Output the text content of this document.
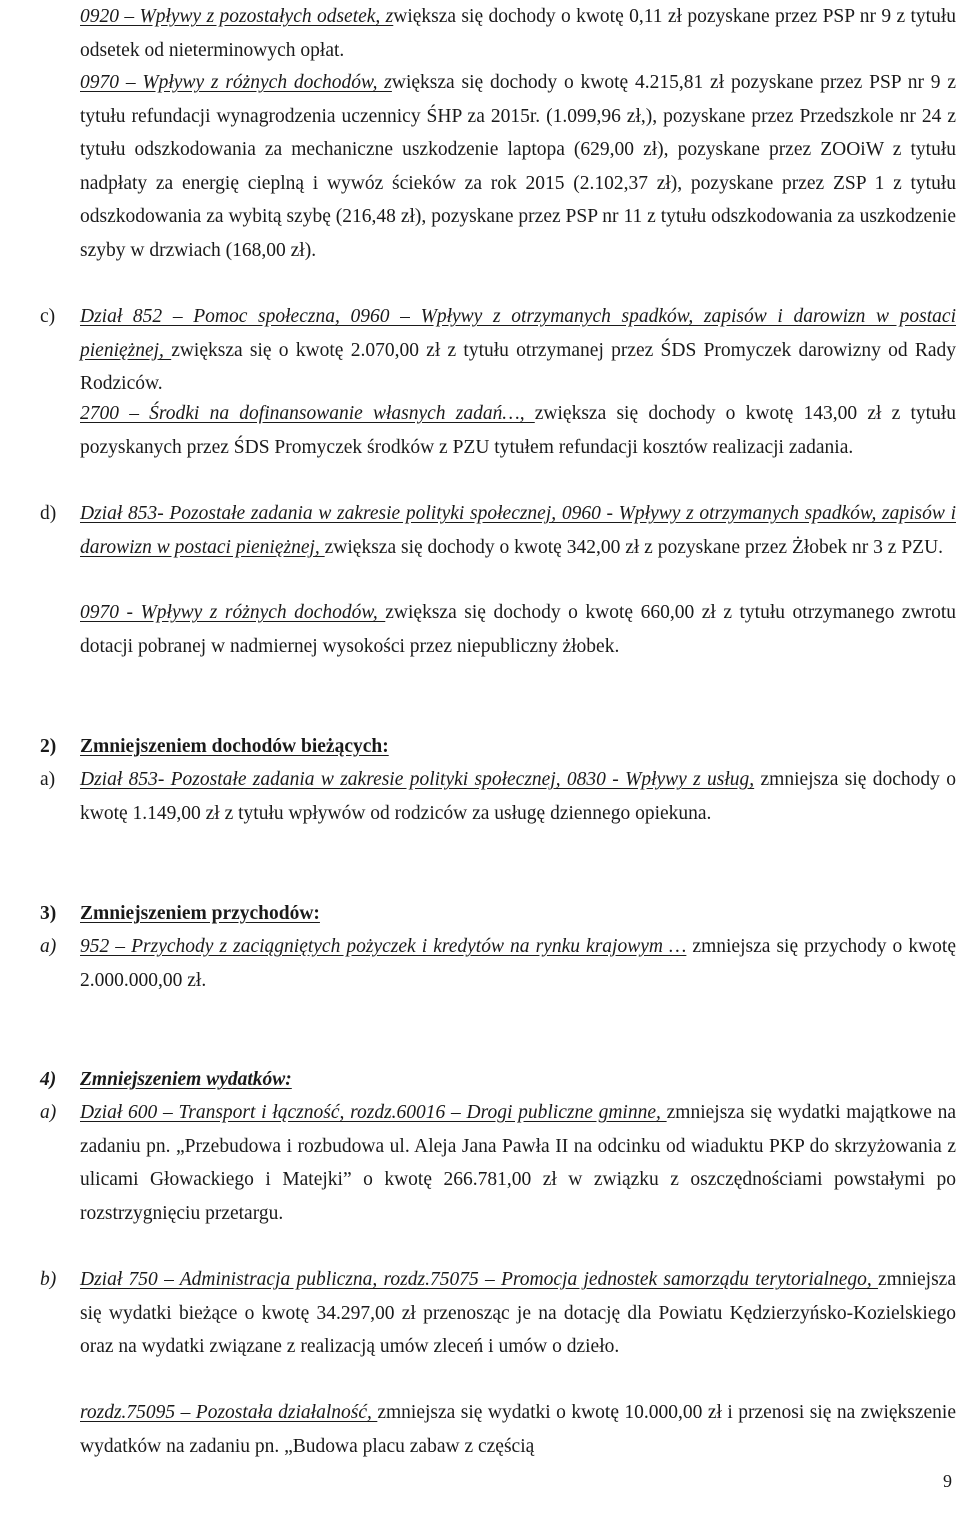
0920 – Wpływy z pozostałych odsetek, zwiększa się dochody o kwotę 0,11 zł pozyskane przez PSP nr 9 z tytułu odsetek od nieterminowych opłat.
0970 – Wpływy z różnych dochodów, zwiększa się dochody o kwotę 4.215,81 zł pozyskane przez PSP nr 9 z tytułu refundacji wynagrodzenia uczennicy ŚHP za 2015r. (1.099,96 zł,), pozyskane przez Przedszkole nr 24 z tytułu odszkodowania za mechaniczne uszkodzenie laptopa (629,00 zł), pozyskane przez ZOOiW z tytułu nadpłaty za energię cieplną i wywóz ścieków za rok 2015 (2.102,37 zł), pozyskane przez ZSP 1 z tytułu odszkodowania za wybitą szybę (216,48 zł), pozyskane przez PSP nr 11 z tytułu odszkodowania za uszkodzenie szyby w drzwiach (168,00 zł).
c) Dział 852 – Pomoc społeczna, 0960 – Wpływy z otrzymanych spadków, zapisów i darowizn w postaci pieniężnej, zwiększa się o kwotę 2.070,00 zł z tytułu otrzymanej przez ŚDS Promyczek darowizny od Rady Rodziców.
2700 – Środki na dofinansowanie własnych zadań…, zwiększa się dochody o kwotę 143,00 zł z tytułu pozyskanych przez ŚDS Promyczek środków z PZU tytułem refundacji kosztów realizacji zadania.
d) Dział 853- Pozostałe zadania w zakresie polityki społecznej, 0960 - Wpływy z otrzymanych spadków, zapisów i darowizn w postaci pieniężnej, zwiększa się dochody o kwotę 342,00 zł z pozyskane przez Żłobek nr 3 z PZU.
0970 - Wpływy z różnych dochodów, zwiększa się dochody o kwotę 660,00 zł z tytułu otrzymanego zwrotu dotacji pobranej w nadmiernej wysokości przez niepubliczny żłobek.
2) Zmniejszeniem dochodów bieżących:
a) Dział 853- Pozostałe zadania w zakresie polityki społecznej, 0830 - Wpływy z usług, zmniejsza się dochody o kwotę 1.149,00 zł z tytułu wpływów od rodziców za usługę dziennego opiekuna.
3) Zmniejszeniem przychodów:
a) 952 – Przychody z zaciągniętych pożyczek i kredytów na rynku krajowym … zmniejsza się przychody o kwotę 2.000.000,00 zł.
4) Zmniejszeniem wydatków:
a) Dział 600 – Transport i łączność, rozdz.60016 – Drogi publiczne gminne, zmniejsza się wydatki majątkowe na zadaniu pn. „Przebudowa i rozbudowa ul. Aleja Jana Pawła II na odcinku od wiaduktu PKP do skrzyżowania z ulicami Głowackiego i Matejki” o kwotę 266.781,00 zł w związku z oszczędnościami powstałymi po rozstrzygnięciu przetargu.
b) Dział 750 – Administracja publiczna, rozdz.75075 – Promocja jednostek samorządu terytorialnego, zmniejsza się wydatki bieżące o kwotę 34.297,00 zł przenosząc je na dotację dla Powiatu Kędzierzyńsko-Kozielskiego oraz na wydatki związane z realizacją umów zleceń i umów o dzieło.
rozdz.75095 – Pozostała działalność, zmniejsza się wydatki o kwotę 10.000,00 zł i przenosi się na zwiększenie wydatków na zadaniu pn. „Budowa placu zabaw z częścią
9
